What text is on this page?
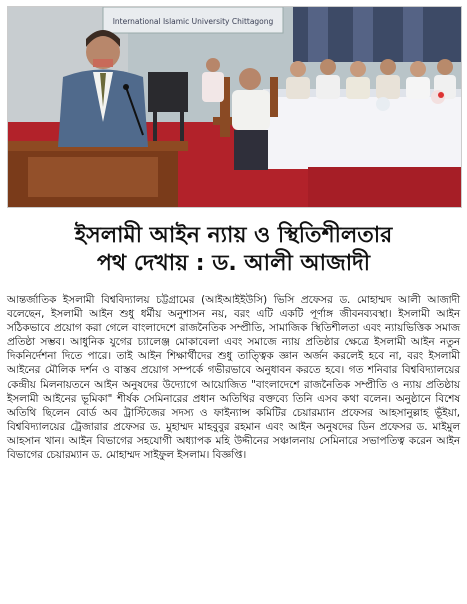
International Islamic University Chittagong
ইসলামী আইন ন্যায় ও স্থিতিশীলতার
পথ দেখায় : ড. আলী আজাদী

আন্তর্জাতিক ইসলামী বিশ্ববিদ্যালয় চট্টগ্রামের (আইআইইউসি) ভিসি প্রফেসর ড. মোহাম্মদ আলী আজাদী বলেছেন, ইসলামী আইন শুধু ধর্মীয় অনুশাসন নয়, বরং এটি একটি পূর্ণাঙ্গ জীবনব্যবস্থা। ইসলামী আইন সঠিকভাবে প্রয়োগ করা গেলে বাংলাদেশে রাজনৈতিক সম্প্রীতি, সামাজিক স্থিতিশীলতা এবং ন্যায়ভিত্তিক সমাজ প্রতিষ্ঠা সম্ভব। আধুনিক যুগের চ্যালেঞ্জ মোকাবেলা এবং সমাজে ন্যায় প্রতিষ্ঠার ক্ষেত্রে ইসলামী আইন নতুন দিকনির্দেশনা দিতে পারে। তাই আইন শিক্ষার্থীদের শুধু তাত্ত্বিক জ্ঞান অর্জন করলেই হবে না, বরং ইসলামী আইনের মৌলিক দর্শন ও বাস্তব প্রয়োগ সম্পর্কে গভীরভাবে অনুধাবন করতে হবে। গত শনিবার বিশ্ববিদ্যালয়ের কেন্দ্রীয় মিলনায়তনে আইন অনুষদের উদ্যোগে আয়োজিত "বাংলাদেশে রাজনৈতিক সম্প্রীতি ও ন্যায় প্রতিষ্ঠায় ইসলামী আইনের ভূমিকা" শীর্ষক সেমিনারের প্রধান অতিথির বক্তব্যে তিনি এসব কথা বলেন। অনুষ্ঠানে বিশেষ অতিথি ছিলেন বোর্ড অব ট্রাস্টিজের সদস্য ও ফাইন্যান্স কমিটির চেয়ারম্যান প্রফেসর আহসানুল্লাহ ভূঁইয়া, বিশ্ববিদ্যালয়ের ট্রেজারার প্রফেসর ড. মুহাম্মদ মাহবুবুর রহমান এবং আইন অনুষদের ডিন প্রফেসর ড. মাইমুল আহসান খান। আইন বিভাগের সহযোগী অধ্যাপক মহি উদ্দীনের সঞ্চালনায় সেমিনারে সভাপতিত্ব করেন আইন বিভাগের চেয়ারম্যান ড. মোহাম্মদ সাইফুল ইসলাম। বিজ্ঞপ্তি।
